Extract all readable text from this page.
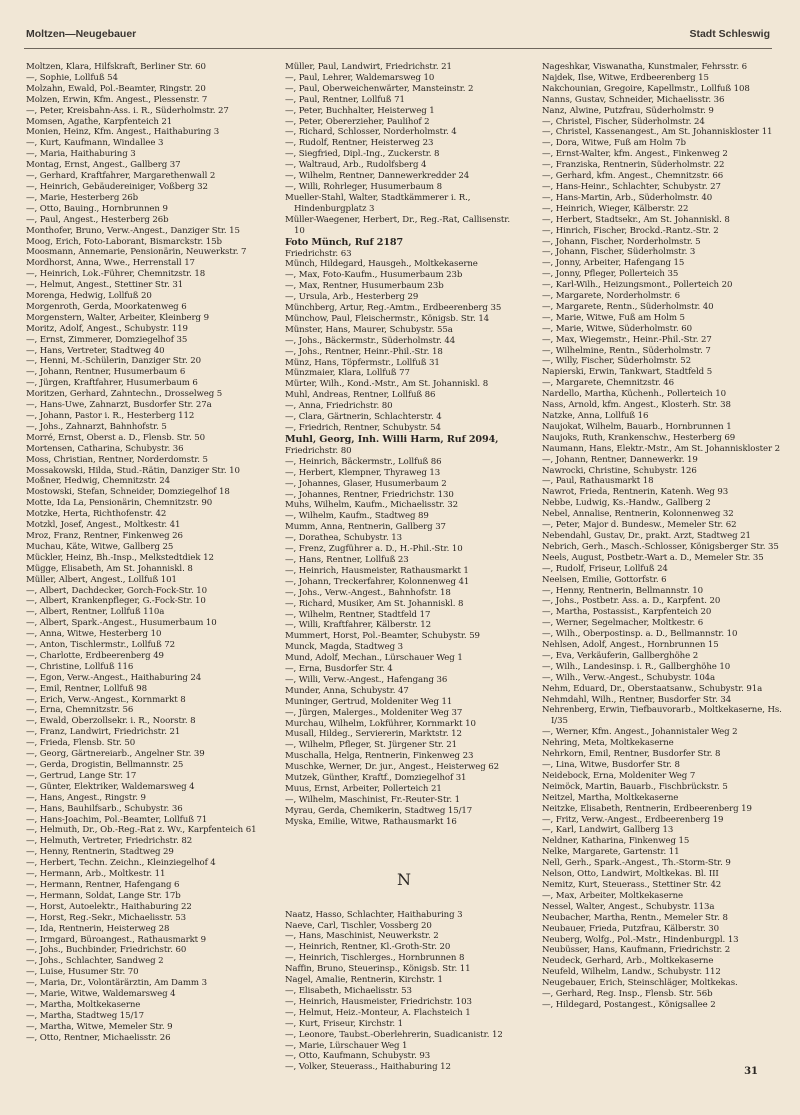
Moltzen—Neugebauer	Stadt Schleswig
Moltzen, Klara, Hilfskraft, Berliner Str. 60
—, Sophie, Lollfuß 54
Molzahn, Ewald, Pol.-Beamter, Ringstr. 20
Molzen, Erwin, Kfm. Angest., Plessenstr. 7
—, Peter, Kreisbahn-Ass. i. R., Süderholmstr. 27
Momsen, Agathe, Karpfenteich 21
Monien, Heinz, Kfm. Angest., Haithaburing 3
—, Kurt, Kaufmann, Windallee 3
—, Maria, Haithaburing 3
Montag, Ernst, Angest., Gallberg 37
—, Gerhard, Kraftfahrer, Margarethenwall 2
—, Heinrich, Gebäudereiniger, Voßberg 32
—, Marie, Hesterberg 26b
—, Otto, Bauing., Hornbrunnen 9
—, Paul, Angest., Hesterberg 26b
Monthofer, Bruno, Verw.-Angest., Danziger Str. 15
Moog, Erich, Foto-Laborant, Bismarckstr. 15b
Moosmann, Annemarie, Pensionärin, Neuwerkstr. 7
Mordhorst, Anna, Wwe., Herrenstall 17
—, Heinrich, Lok.-Führer, Chemnitzstr. 18
—, Helmut, Angest., Stettiner Str. 31
Morenga, Hedwig, Lollfuß 20
Morgenroth, Gerda, Moorkatenweg 6
Morgenstern, Walter, Arbeiter, Kleinberg 9
Moritz, Adolf, Angest., Schubystr. 119
—, Ernst, Zimmerer, Domziegelhof 35
—, Hans, Vertreter, Stadtweg 40
—, Henni, M.-Schülerin, Danziger Str. 20
—, Johann, Rentner, Husumerbaum 6
—, Jürgen, Kraftfahrer, Husumerbaum 6
Moritzen, Gerhard, Zahntechn., Drosselweg 5
—, Hans-Uwe, Zahnarzt, Busdorfer Str. 27a
—, Johann, Pastor i. R., Hesterberg 112
—, Johs., Zahnarzt, Bahnhofstr. 5
Morré, Ernst, Oberst a. D., Flensb. Str. 50
Mortensen, Catharina, Schubystr. 36
Moss, Christian, Rentner, Norderdomstr. 5
Mossakowski, Hilda, Stud.-Rätin, Danziger Str. 10
Moßner, Hedwig, Chemnitzstr. 24
Mostowski, Stefan, Schneider, Domziegelhof 18
Motte, Ida La, Pensionärin, Chemnitzstr. 90
Motzke, Herta, Richthofenstr. 42
Motzkl, Josef, Angest., Moltkestr. 41
Mroz, Franz, Rentner, Finkenweg 26
Muchau, Käte, Witwe, Gallberg 25
Mückler, Heinz, Bh.-Insp., Melkstedtdiek 12
Mügge, Elisabeth, Am St. Johanniskl. 8
Müller, Albert, Angest., Lollfuß 101
—, Albert, Dachdecker, Gorch-Fock-Str. 10
—, Albert, Krankenpfleger, G.-Fock-Str. 10
—, Albert, Rentner, Lollfuß 110a
—, Albert, Spark.-Angest., Husumerbaum 10
—, Anna, Witwe, Hesterberg 10
—, Anton, Tischlermstr., Lollfuß 72
—, Charlotte, Erdbeerenberg 49
—, Christine, Lollfuß 116
—, Egon, Verw.-Angest., Haithaburing 24
—, Emil, Rentner, Lollfuß 98
—, Erich, Verw.-Angest., Kornmarkt 8
—, Erna, Chemnitzstr. 56
—, Ewald, Oberzollsekr. i. R., Noorstr. 8
—, Franz, Landwirt, Friedrichstr. 21
—, Frieda, Flensb. Str. 50
—, Georg, Gärtnereiarb., Angelner Str. 39
—, Gerda, Drogistin, Bellmannstr. 25
—, Gertrud, Lange Str. 17
—, Günter, Elektriker, Waldemarsweg 4
—, Hans, Angest., Ringstr. 9
—, Hans, Bauhilfsarb., Schubystr. 36
—, Hans-Joachim, Pol.-Beamter, Lollfuß 71
—, Helmuth, Dr., Ob.-Reg.-Rat z. Wv., Karpfenteich 61
—, Helmuth, Vertreter, Friedrichstr. 82
—, Henny, Rentnerin, Stadtweg 29
—, Herbert, Techn. Zeichn., Kleinziegelhof 4
—, Hermann, Arb., Moltkestr. 11
—, Hermann, Rentner, Hafengang 6
—, Hermann, Soldat, Lange Str. 17b
—, Horst, Autoelektr., Haithaburing 22
—, Horst, Reg.-Sekr., Michaelisstr. 53
—, Ida, Rentnerin, Heisterweg 28
—, Irmgard, Büroangest., Rathausmarkt 9
—, Johs., Buchbinder, Friedrichstr. 60
—, Johs., Schlachter, Sandweg 2
—, Luise, Husumer Str. 70
—, Maria, Dr., Volontärärztin, Am Damm 3
—, Marie, Witwe, Waldemarsweg 4
—, Martha, Moltkekaserne
—, Martha, Stadtweg 15/17
—, Martha, Witwe, Memeler Str. 9
—, Otto, Rentner, Michaelisstr. 26
Müller, Paul, Landwirt, Friedrichstr. 21
—, Paul, Lehrer, Waldemarsweg 10
—, Paul, Oberweichenwärter, Mansteinstr. 2
—, Paul, Rentner, Lollfuß 71
—, Peter, Buchhalter, Heisterweg 1
—, Peter, Obererzieher, Paulihof 2
—, Richard, Schlosser, Norderholmstr. 4
—, Rudolf, Rentner, Heisterweg 23
—, Siegfried, Dipl.-Ing., Zuckerstr. 8
—, Waltraud, Arb., Rudolfsberg 4
—, Wilhelm, Rentner, Dannewerkredder 24
—, Willi, Rohrleger, Husumerbaum 8
Mueller-Stahl, Walter, Stadtkämmerer i. R., Hindenburgplatz 3
Müller-Waegener, Herbert, Dr., Reg.-Rat, Callisenstr. 10
Foto Münch, Ruf 2187
Friedrichstr. 63
Münch, Hildegard, Hausgeh., Moltkekaserne
—, Max, Foto-Kaufm., Husumerbaum 23b
—, Max, Rentner, Husumerbaum 23b
—, Ursula, Arb., Hesterberg 29
Münchberg, Artur, Reg.-Amtm., Erdbeerenberg 35
Münchow, Paul, Fleischermstr., Königsb. Str. 14
Münster, Hans, Maurer, Schubystr. 55a
—, Johs., Bäckermstr., Süderholmstr. 44
—, Johs., Rentner, Heinr.-Phil.-Str. 18
Münz, Hans, Töpfermstr., Lollfuß 31
Münzmaier, Klara, Lollfuß 77
Mürter, Wilh., Kond.-Mstr., Am St. Johanniskl. 8
Muhl, Andreas, Rentner, Lollfuß 86
—, Anna, Friedrichstr. 80
—, Clara, Gärtnerin, Schlachterstr. 4
—, Friedrich, Rentner, Schubystr. 54
Muhl, Georg, Inh. Willi Harm, Ruf 2094,
Friedrichstr. 80
—, Heinrich, Bäckermstr., Lollfuß 86
—, Herbert, Klempner, Thyraweg 13
—, Johannes, Glaser, Husumerbaum 2
—, Johannes, Rentner, Friedrichstr. 130
Muhs, Wilhelm, Kaufm., Michaelisstr. 32
—, Wilhelm, Kaufm., Stadtweg 89
Mumm, Anna, Rentnerin, Gallberg 37
—, Dorathea, Schubystr. 13
—, Frenz, Zugführer a. D., H.-Phil.-Str. 10
—, Hans, Rentner, Lollfuß 23
—, Heinrich, Hausmeister, Rathausmarkt 1
—, Johann, Treckerfahrer, Kolonnenweg 41
—, Johs., Verw.-Angest., Bahnhofstr. 18
—, Richard, Musiker, Am St. Johanniskl. 8
—, Wilhelm, Rentner, Stadtfeld 17
—, Willi, Kraftfahrer, Kälberstr. 12
Mummert, Horst, Pol.-Beamter, Schubystr. 59
Munck, Magda, Stadtweg 3
Mund, Adolf, Mechan., Lürschauer Weg 1
—, Erna, Busdorfer Str. 4
—, Willi, Verw.-Angest., Hafengang 36
Munder, Anna, Schubystr. 47
Muninger, Gertrud, Moldeniter Weg 11
—, Jürgen, Malerges., Moldeniter Weg 37
Murchau, Wilhelm, Lokführer, Kornmarkt 10
Musall, Hildeg., Serviererin, Marktstr. 12
—, Wilhelm, Pfleger, St. Jürgener Str. 21
Muschalla, Helga, Rentnerin, Finkenweg 23
Muschke, Werner, Dr. jur., Angest., Heisterweg 62
Mutzek, Günther, Kraftf., Domziegelhof 31
Muus, Ernst, Arbeiter, Pollerteich 21
—, Wilhelm, Maschinist, Fr.-Reuter-Str. 1
Myrau, Gerda, Chemikerin, Stadtweg 15/17
Myska, Emilie, Witwe, Rathausmarkt 16
N
Naatz, Hasso, Schlachter, Haithaburing 3
Naeve, Carl, Tischler, Vossberg 20
—, Hans, Maschinist, Neuwerkstr. 2
—, Heinrich, Rentner, Kl.-Groth-Str. 20
—, Heinrich, Tischlerges., Hornbrunnen 8
Naffin, Bruno, Steuerinsp., Königsb. Str. 11
Nagel, Amalie, Rentnerin, Kirchstr. 1
—, Elisabeth, Michaelisstr. 53
—, Heinrich, Hausmeister, Friedrichstr. 103
—, Helmut, Heiz.-Monteur, A. Flachsteich 1
—, Kurt, Friseur, Kirchstr. 1
—, Leonore, Taubst.-Oberlehrerin, Suadicanistr. 12
—, Marie, Lürschauer Weg 1
—, Otto, Kaufmann, Schubystr. 93
—, Volker, Steuerass., Haithaburing 12
Nageshkar, Viswanatha, Kunstmaler, Fehrsstr. 6
Najdek, Ilse, Witwe, Erdbeerenberg 15
Nakchounian, Gregoire, Kapellmstr., Lollfuß 108
Nanns, Gustav, Schneider, Michaelisstr. 36
Nanz, Alwine, Putzfrau, Süderholmstr. 9
—, Christel, Fischer, Süderholmstr. 24
—, Christel, Kassenangest., Am St. Johanniskloster 11
—, Dora, Witwe, Fuß am Holm 7b
—, Ernst-Walter, kfm. Angest., Finkenweg 2
—, Franziska, Rentnerin, Süderholmstr. 22
—, Gerhard, kfm. Angest., Chemnitzstr. 66
—, Hans-Heinr., Schlachter, Schubystr. 27
—, Hans-Martin, Arb., Süderholmstr. 40
—, Heinrich, Wieger, Kälberstr. 22
—, Herbert, Stadtsekr., Am St. Johanniskl. 8
—, Hinrich, Fischer, Brockd.-Rantz.-Str. 2
—, Johann, Fischer, Norderholmstr. 5
—, Johann, Fischer, Süderholmstr. 3
—, Jonny, Arbeiter, Hafengang 15
—, Jonny, Pfleger, Pollerteich 35
—, Karl-Wilh., Heizungsmont., Pollerteich 20
—, Margarete, Norderholmstr. 6
—, Margarete, Rentn., Süderholmstr. 40
—, Marie, Witwe, Fuß am Holm 5
—, Marie, Witwe, Süderholmstr. 60
—, Max, Wiegemstr., Heinr.-Phil.-Str. 27
—, Wilhelmine, Rentn., Süderholmstr. 7
—, Willy, Fischer, Süderholmstr. 52
Napierski, Erwin, Tankwart, Stadtfeld 5
—, Margarete, Chemnitzstr. 46
Nardello, Martha, Küchenh., Pollerteich 10
Nass, Arnold, kfm. Angest., Klosterh. Str. 38
Natzke, Anna, Lollfuß 16
Naujokat, Wilhelm, Bauarb., Hornbrunnen 1
Naujoks, Ruth, Krankenschw., Hesterberg 69
Naumann, Hans, Elektr.-Mstr., Am St. Johanniskloster 2
—, Johann, Rentner, Dannewerkr. 19
Nawrocki, Christine, Schubystr. 126
—, Paul, Rathausmarkt 18
Nawrot, Frieda, Rentnerin, Katenh. Weg 93
Nebbe, Ludwig, Ks.-Handw., Gallberg 2
Nebel, Annalise, Rentnerin, Kolonnenweg 32
—, Peter, Major d. Bundesw., Memeler Str. 62
Nebendahl, Gustav, Dr., prakt. Arzt, Stadtweg 21
Nebrich, Gerh., Masch.-Schlosser, Königsberger Str. 35
Neels, August, Postbetr.-Wart a. D., Memeler Str. 35
—, Rudolf, Friseur, Lollfuß 24
Neelsen, Emilie, Gottorfstr. 6
—, Henny, Rentnerin, Bellmannstr. 10
—, Johs., Postbetr. Ass. a. D., Karpfent. 20
—, Martha, Postassist., Karpfenteich 20
—, Werner, Segelmacher, Moltkestr. 6
—, Wilh., Oberpostinsp. a. D., Bellmannstr. 10
Nehlsen, Adolf, Angest., Hornbrunnen 15
—, Eva, Verkäuferin, Gallberghöhe 2
—, Wilh., Landesinsp. i. R., Gallberghöhe 10
—, Wilh., Verw.-Angest., Schubystr. 104a
Nehm, Eduard, Dr., Oberstaatsanw., Schubystr. 91a
Nehmdahl, Wilh., Rentner, Busdorfer Str. 34
Nehrenberg, Erwin, Tiefbauvorarb., Moltkekaserne, Hs. I/35
—, Werner, Kfm. Angest., Johannistaler Weg 2
Nehring, Meta, Moltkekaserne
Nehrkorn, Emil, Rentner, Busdorfer Str. 8
—, Lina, Witwe, Busdorfer Str. 8
Neidebock, Erna, Moldeniter Weg 7
Neimöck, Martin, Bauarb., Fischbrückstr. 5
Neitzel, Martha, Moltkekaserne
Neitzke, Elisabeth, Rentnerin, Erdbeerenberg 19
—, Fritz, Verw.-Angest., Erdbeerenberg 19
—, Karl, Landwirt, Gallberg 13
Neldner, Katharina, Finkenweg 15
Nelke, Margarete, Gartenstr. 11
Nell, Gerh., Spark.-Angest., Th.-Storm-Str. 9
Nelson, Otto, Landwirt, Moltkekas. Bl. III
Nemitz, Kurt, Steuerass., Stettiner Str. 42
—, Max, Arbeiter, Moltkekaserne
Nessel, Walter, Angest., Schubystr. 113a
Neubacher, Martha, Rentn., Memeler Str. 8
Neubauer, Frieda, Putzfrau, Kälberstr. 30
Neuberg, Wolfg., Pol.-Mstr., Hindenburgpl. 13
Neubüsser, Hans, Kaufmann, Friedrichstr. 2
Neudeck, Gerhard, Arb., Moltkekaserne
Neufeld, Wilhelm, Landw., Schubystr. 112
Neugebauer, Erich, Steinschläger, Moltkekas.
—, Gerhard, Reg. Insp., Flensb. Str. 56b
—, Hildegard, Postangest., Königsallee 2
31
